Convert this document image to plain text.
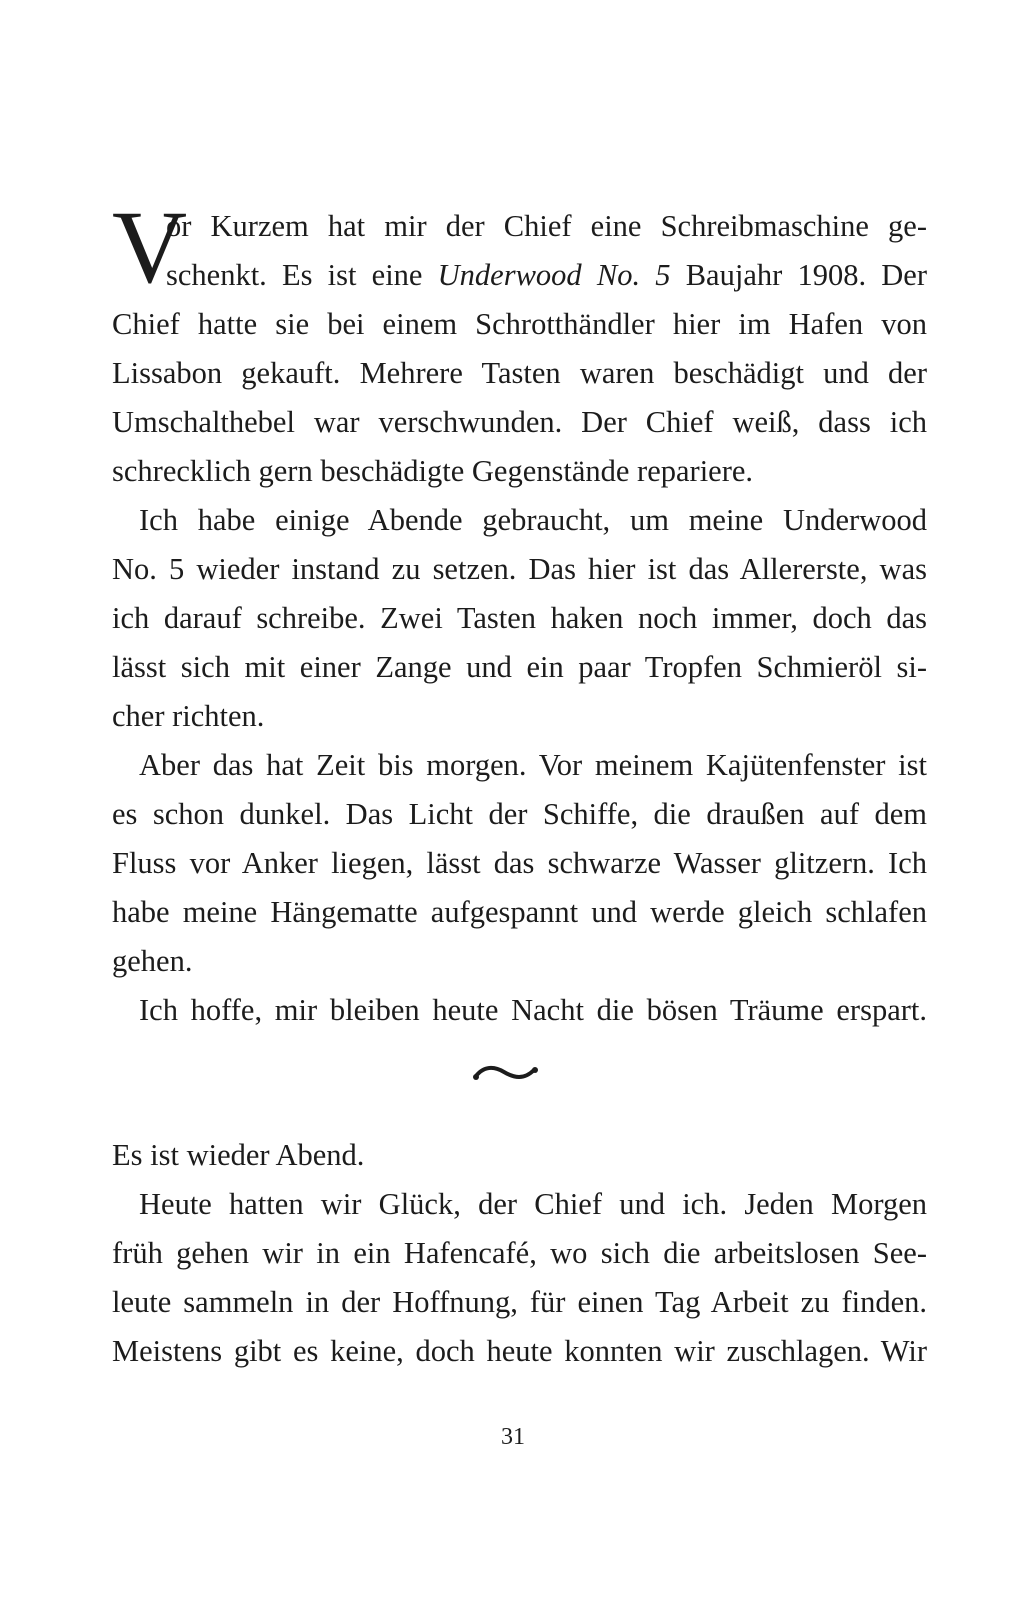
V
or Kurzem hat mir der Chief eine Schreibmaschine ge-
schenkt. Es ist eine Underwood No. 5 Baujahr 1908. Der
Chief hatte sie bei einem Schrotthändler hier im Hafen von
Lissabon gekauft. Mehrere Tasten waren beschädigt und der
Umschalthebel war verschwunden. Der Chief weiß, dass ich
schrecklich gern beschädigte Gegenstände repariere.
Ich habe einige Abende gebraucht, um meine Underwood
No. 5 wieder instand zu setzen. Das hier ist das Allererste, was
ich darauf schreibe. Zwei Tasten haken noch immer, doch das
lässt sich mit einer Zange und ein paar Tropfen Schmieröl si-
cher richten.
Aber das hat Zeit bis morgen. Vor meinem Kajütenfenster ist
es schon dunkel. Das Licht der Schiffe, die draußen auf dem
Fluss vor Anker liegen, lässt das schwarze Wasser glitzern. Ich
habe meine Hängematte aufgespannt und werde gleich schlafen
gehen.
Ich hoffe, mir bleiben heute Nacht die bösen Träume erspart.
Es ist wieder Abend.
Heute hatten wir Glück, der Chief und ich. Jeden Morgen
früh gehen wir in ein Hafencafé, wo sich die arbeitslosen See-
leute sammeln in der Hoffnung, für einen Tag Arbeit zu finden.
Meistens gibt es keine, doch heute konnten wir zuschlagen. Wir
31
